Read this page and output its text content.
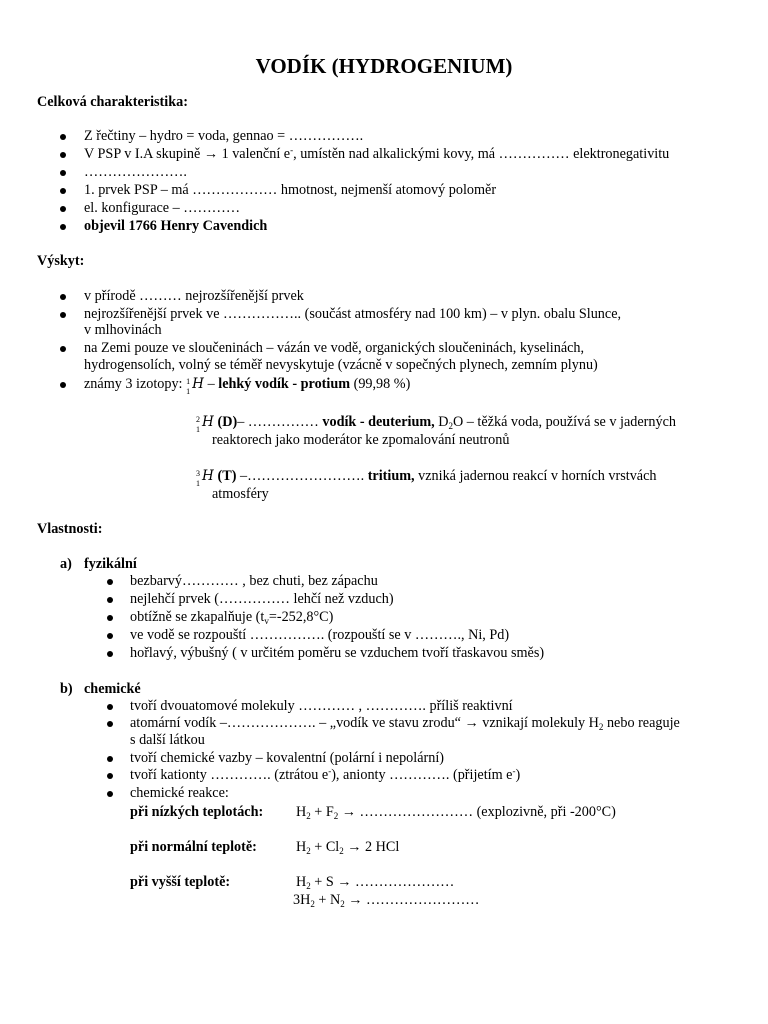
VODÍK (HYDROGENIUM)
Celková charakteristika:
Z řečtiny – hydro = voda, gennao = …………….
V PSP v I.A skupině → 1 valenční e-, umístěn nad alkalickými kovy, má …………… elektronegativitu
………………….
1. prvek PSP – má ……………… hmotnost, nejmenší atomový poloměr
el. konfigurace – …………
objevil 1766 Henry Cavendich
Výskyt:
v přírodě ……… nejrozšířenější prvek
nejrozšířenější prvek ve …………….. (součást atmosféry nad 100 km) – v plyn. obalu Slunce,
v mlhovinách
na Zemi pouze ve sloučeninách – vázán ve vodě, organických sloučeninách, kyselinách,
hydrogensolích, volný se téměř nevyskytuje (vzácně v sopečných plynech, zemním plynu)
známy 3 izotopy: 1
1 H – lehký vodík - protium (99,98 %)
2
1 H (D)– …………… vodík - deuterium, $D_2O$ – těžká voda, používá se v jaderných
reaktorech jako moderátor ke zpomalování neutronů
3
1 H (T) –……………………. tritium, vzniká jadernou reakcí v horních vrstvách
atmosféry
Vlastnosti:
a) fyzikální
bezbarvý………… , bez chuti, bez zápachu
nejlehčí prvek (…………… lehčí než vzduch)
obtížně se zkapalňuje $(t_v=-252,8^\circ C)$
ve vodě se rozpouští ……………. (rozpouští se v ………., Ni, Pd)
hořlavý, výbušný ( v určitém poměru se vzduchem tvoří třaskavou směs)
b) chemické
tvoří dvouatomové molekuly ………… , …………. příliš reaktivní
atomární vodík –………………. – „vodík ve stavu zrodu“ → vznikají molekuly $H_2$ nebo reaguje
s další látkou
tvoří chemické vazby – kovalentní (polární i nepolární)
tvoří kationty …………. (ztrátou e-), anionty …………. (přijetím e-)
chemické reakce:
při nízkých teplotách: $H_2 + F_2$ → …………………… (explozivně, při -200°C)
při normální teplotě:	$H_2 + Cl_2 \to 2$ HCl
při vyšší teplotě:	$H_2 + S$ → …………………
$3H_2 + N_2$ → ……………………
